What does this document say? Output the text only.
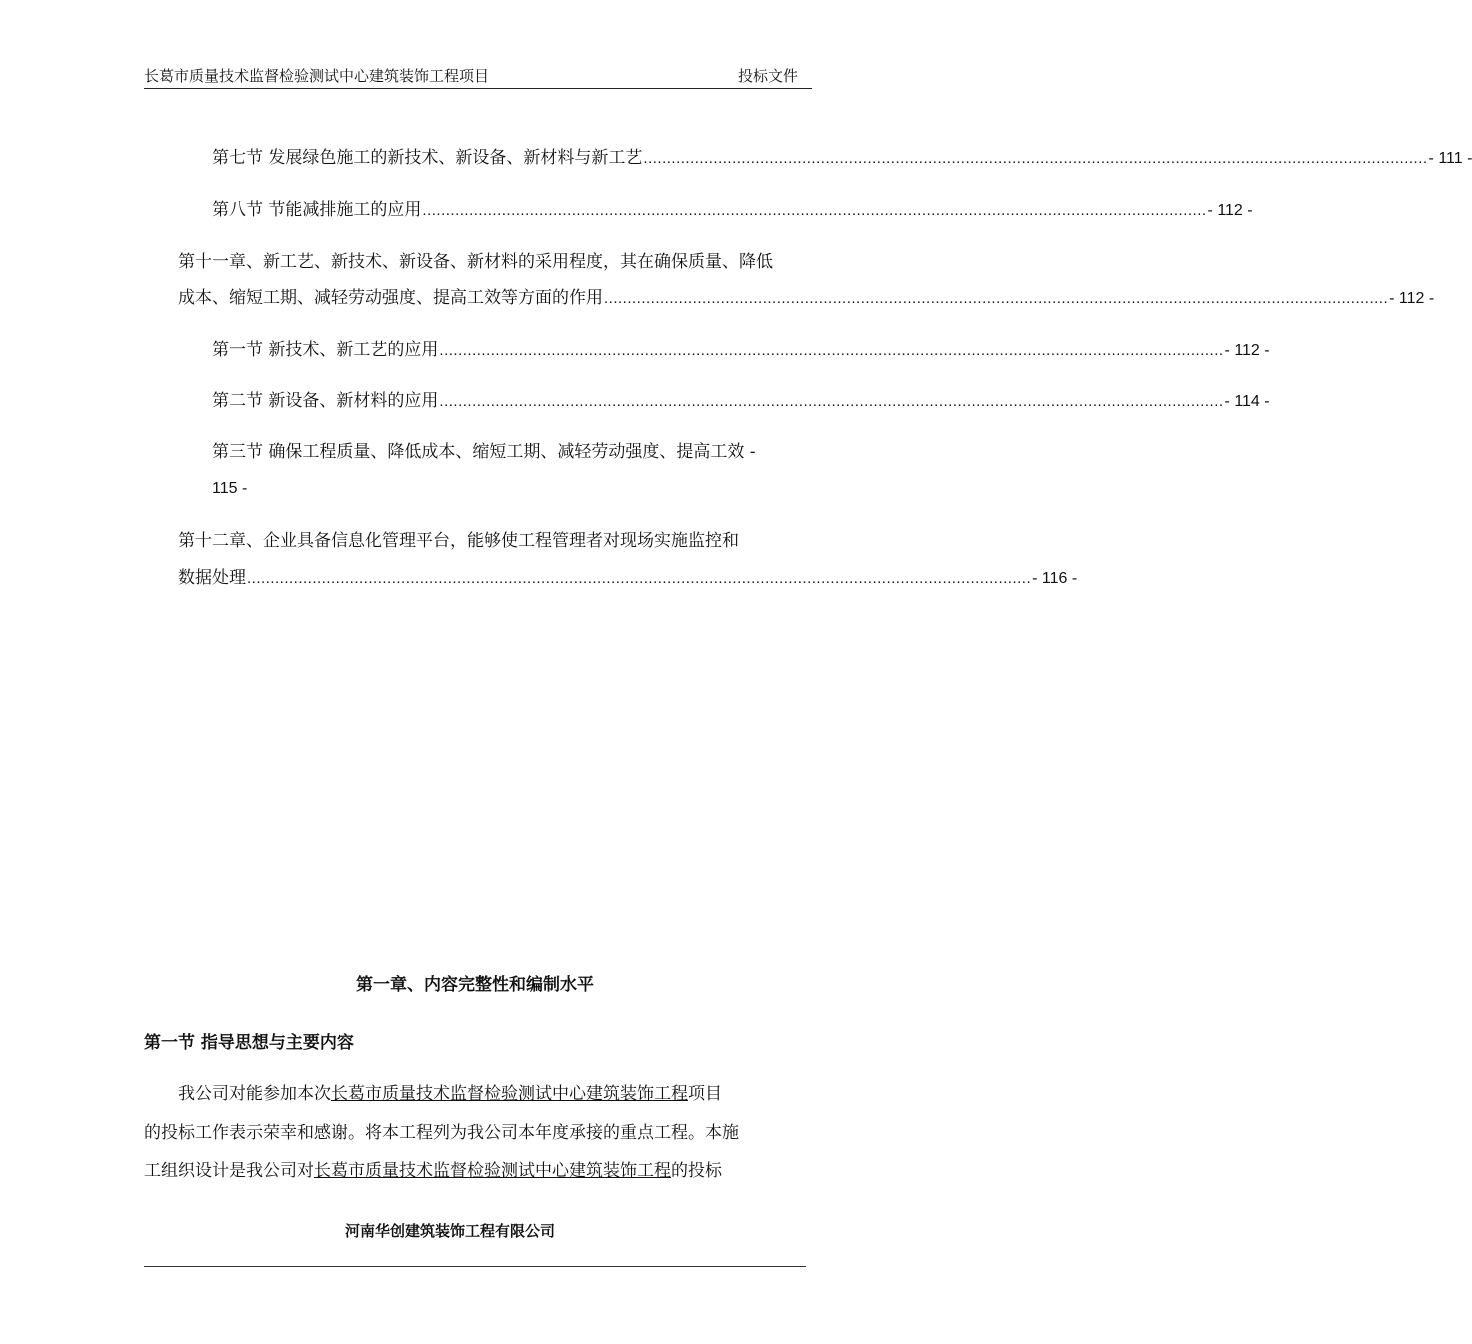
长葛市质量技术监督检验测试中心建筑装饰工程项目	投标文件
第七节 发展绿色施工的新技术、新设备、新材料与新工艺 ........................................................................................................................................................................ - 111 -
第八节 节能减排施工的应用 ........................................................................................................................................................................ - 112 -
第十一章、新工艺、新技术、新设备、新材料的采用程度，其在确保质量、降低
成本、缩短工期、减轻劳动强度、提高工效等方面的作用 ........................................................................................................................................................................ - 112 -
第一节 新技术、新工艺的应用 ........................................................................................................................................................................ - 112 -
第二节 新设备、新材料的应用 ........................................................................................................................................................................ - 114 -
第三节 确保工程质量、降低成本、缩短工期、减轻劳动强度、提高工效 -
115 -
第十二章、企业具备信息化管理平台，能够使工程管理者对现场实施监控和
数据处理 ........................................................................................................................................................................ - 116 -
第一章、内容完整性和编制水平
第一节 指导思想与主要内容
我公司对能参加本次长葛市质量技术监督检验测试中心建筑装饰工程项目
的投标工作表示荣幸和感谢。将本工程列为我公司本年度承接的重点工程。本施
工组织设计是我公司对长葛市质量技术监督检验测试中心建筑装饰工程的投标
河南华创建筑装饰工程有限公司
